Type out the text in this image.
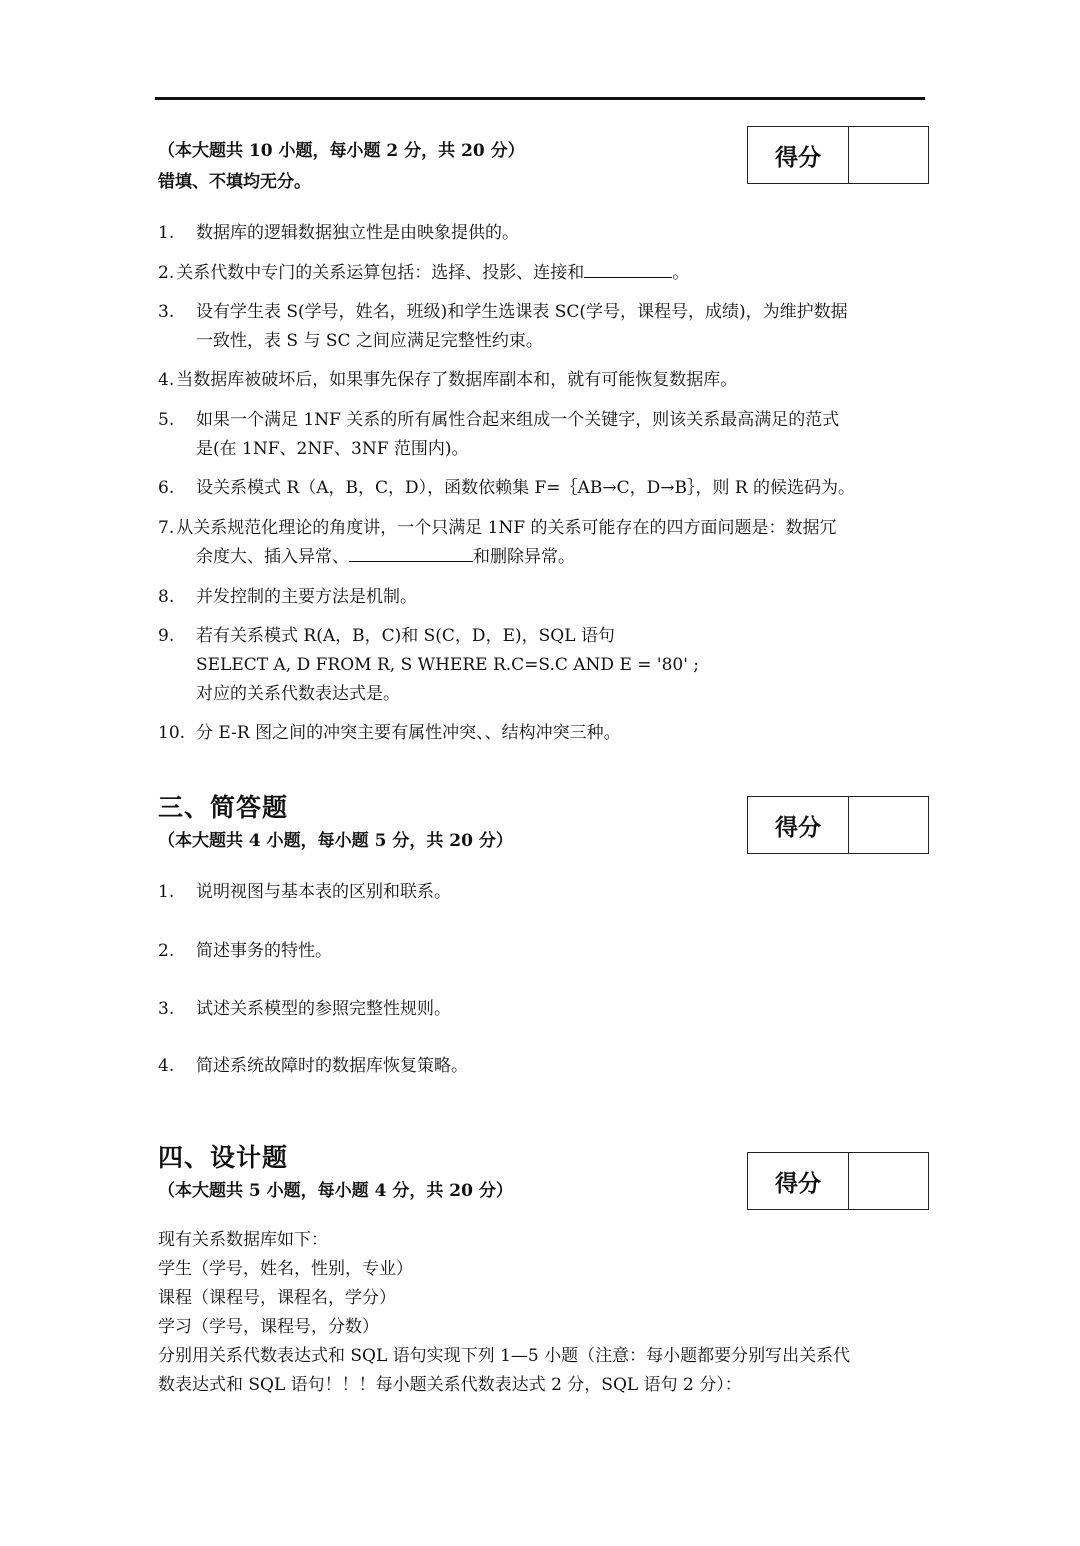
（本大题共 10 小题，每小题 2 分，共 20 分）
错填、不填均无分。
得分
1. 数据库的逻辑数据独立性是由映象提供的。
2. 关系代数中专门的关系运算包括：选择、投影、连接和	。
3. 设有学生表 S(学号，姓名，班级)和学生选课表 SC(学号，课程号，成绩)，为维护数据
一致性，表 S 与 SC 之间应满足完整性约束。
4. 当数据库被破坏后，如果事先保存了数据库副本和，就有可能恢复数据库。
5. 如果一个满足 1NF 关系的所有属性合起来组成一个关键字，则该关系最高满足的范式
是(在 1NF、2NF、3NF 范围内)。
6. 设关系模式 R（A，B，C，D），函数依赖集 F=｛AB→C，D→B｝，则 R 的候选码为。
7. 从关系规范化理论的角度讲，一个只满足 1NF 的关系可能存在的四方面问题是：数据冗
余度大、插入异常、	和删除异常。
8. 并发控制的主要方法是机制。
9. 若有关系模式 R(A，B，C)和 S(C，D，E)，SQL 语句
SELECT A, D FROM R, S WHERE R.C=S.C AND E = '80' ;
对应的关系代数表达式是。
10. 分 E-R 图之间的冲突主要有属性冲突、、结构冲突三种。
三、简答题
（本大题共 4 小题，每小题 5 分，共 20 分）
得分
1. 说明视图与基本表的区别和联系。
2. 简述事务的特性。
3. 试述关系模型的参照完整性规则。
4. 简述系统故障时的数据库恢复策略。
四、设计题
（本大题共 5 小题，每小题 4 分，共 20 分）	得分
现有关系数据库如下：
学生（学号，姓名，性别，专业）
课程（课程号，课程名，学分）
学习（学号，课程号，分数）
分别用关系代数表达式和 SQL 语句实现下列 1—5 小题（注意：每小题都要分别写出关系代
数表达式和 SQL 语句！！！每小题关系代数表达式 2 分，SQL 语句 2 分）：
